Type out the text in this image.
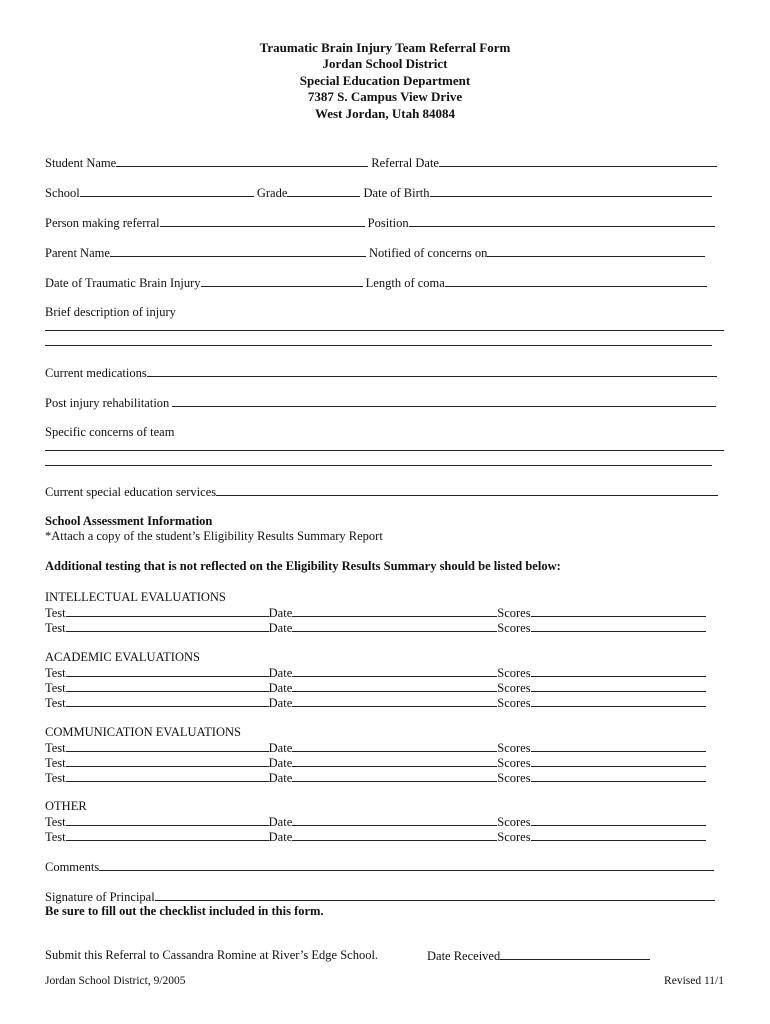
Traumatic Brain Injury Team Referral Form
Jordan School District
Special Education Department
7387 S. Campus View Drive
West Jordan, Utah 84084
Student Name	Referral Date
School	Grade	Date of Birth
Person making referral	Position
Parent Name	Notified of concerns on
Date of Traumatic Brain Injury	Length of coma
Brief description of injury
Current medications
Post injury rehabilitation
Specific concerns of team
Current special education services
School Assessment Information
*Attach a copy of the student’s Eligibility Results Summary Report
Additional testing that is not reflected on the Eligibility Results Summary should be listed below:
INTELLECTUAL EVALUATIONS
Test	Date	Scores
Test	Date	Scores
ACADEMIC EVALUATIONS
Test	Date	Scores
Test	Date	Scores
Test	Date	Scores
COMMUNICATION EVALUATIONS
Test	Date	Scores
Test	Date	Scores
Test	Date	Scores
OTHER
Test	Date	Scores
Test	Date	Scores
Comments
Signature of Principal
Be sure to fill out the checklist included in this form.
Submit this Referral to Cassandra Romine at River’s Edge School.	Date Received
Jordan School District, 9/2005	Revised 11/1
